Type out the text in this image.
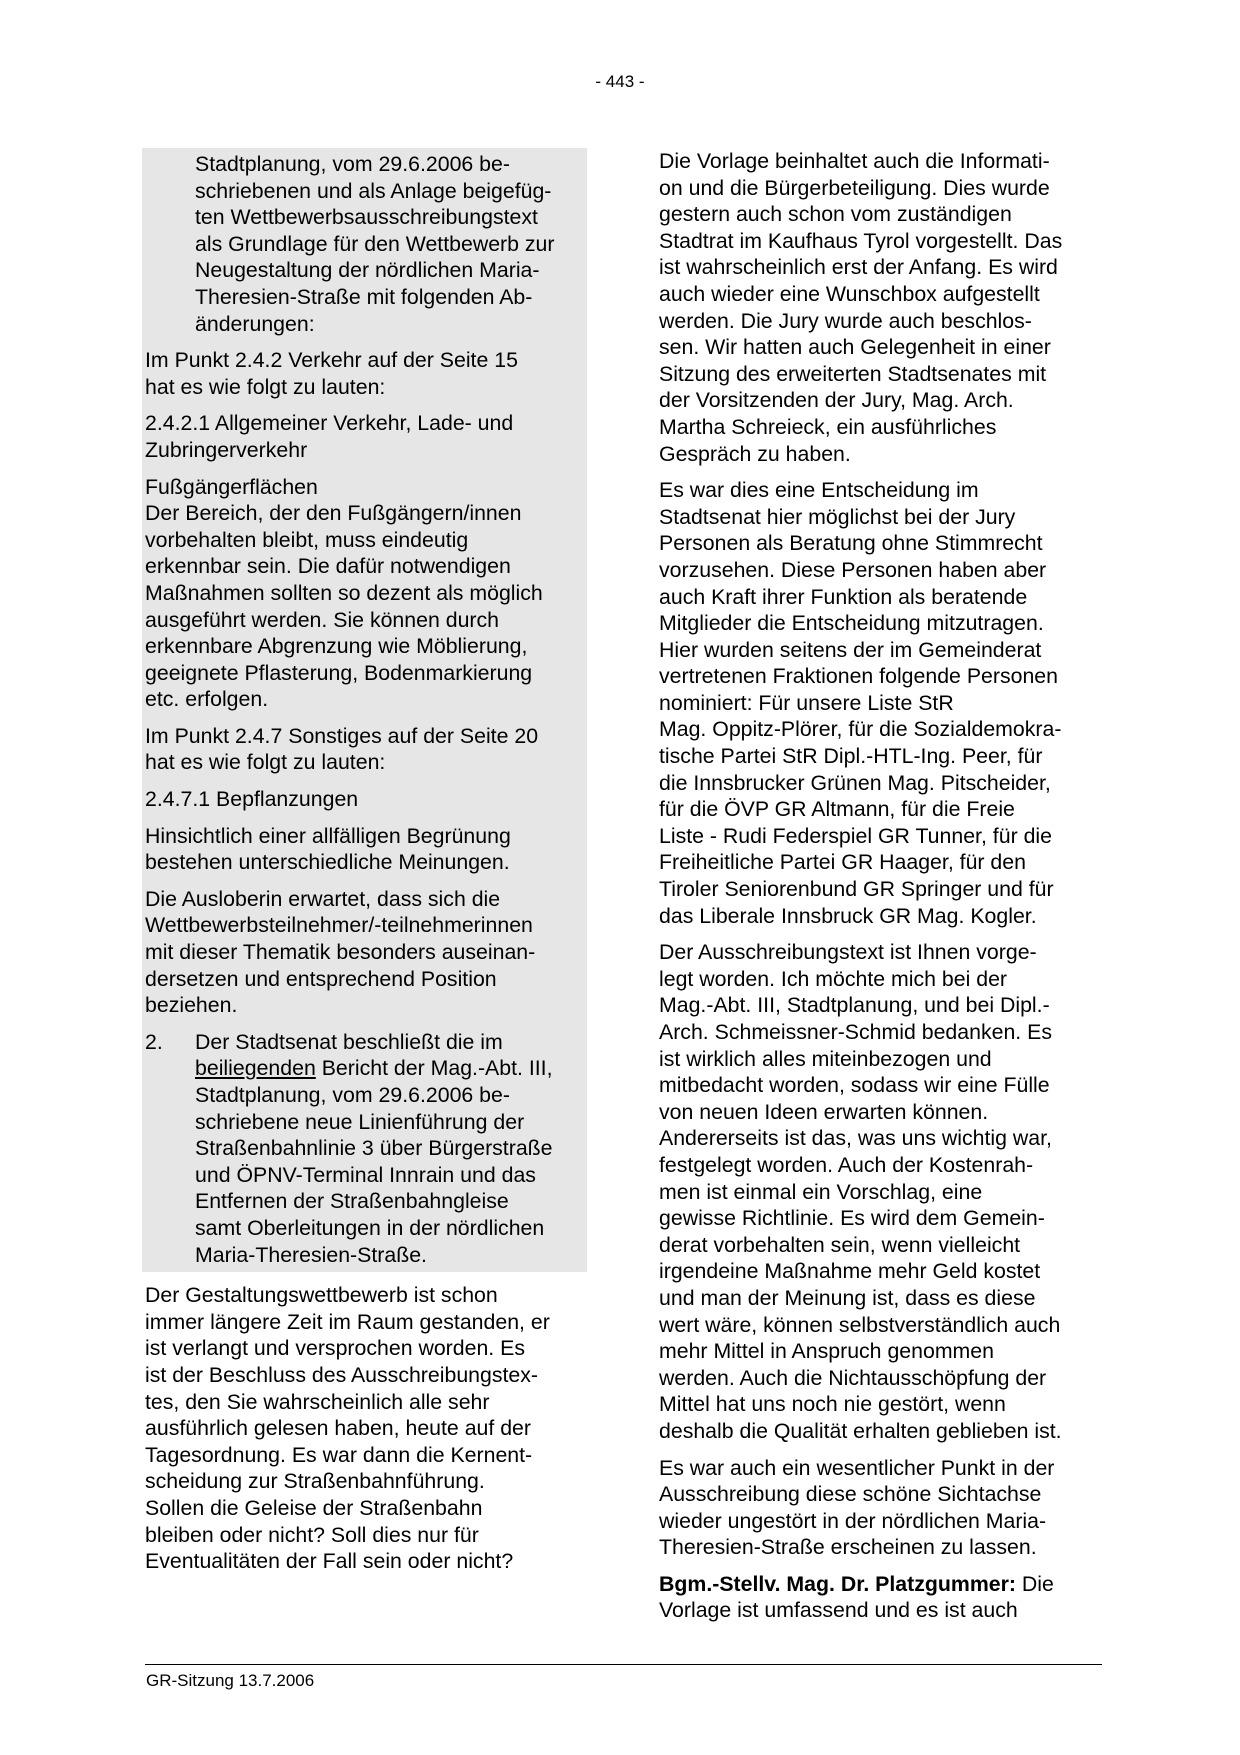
- 443 -

Stadtplanung, vom 29.6.2006 be-
schriebenen und als Anlage beigefüg-
ten Wettbewerbsausschreibungstext
als Grundlage für den Wettbewerb zur
Neugestaltung der nördlichen Maria-
Theresien-Straße mit folgenden Ab-
änderungen:

Im Punkt 2.4.2 Verkehr auf der Seite 15
hat es wie folgt zu lauten:

2.4.2.1 Allgemeiner Verkehr, Lade- und
Zubringerverkehr

Fußgängerflächen
Der Bereich, der den Fußgängern/innen
vorbehalten bleibt, muss eindeutig
erkennbar sein. Die dafür notwendigen
Maßnahmen sollten so dezent als möglich
ausgeführt werden. Sie können durch
erkennbare Abgrenzung wie Möblierung,
geeignete Pflasterung, Bodenmarkierung
etc. erfolgen.

Im Punkt 2.4.7 Sonstiges auf der Seite 20
hat es wie folgt zu lauten:

2.4.7.1 Bepflanzungen

Hinsichtlich einer allfälligen Begrünung
bestehen unterschiedliche Meinungen.

Die Ausloberin erwartet, dass sich die
Wettbewerbsteilnehmer/-teilnehmerinnen
mit dieser Thematik besonders auseinan-
dersetzen und entsprechend Position
beziehen.

2.	Der Stadtsenat beschließt die im
beiliegenden Bericht der Mag.-Abt. III,
Stadtplanung, vom 29.6.2006 be-
schriebene neue Linienführung der
Straßenbahnlinie 3 über Bürgerstraße
und ÖPNV-Terminal Innrain und das
Entfernen der Straßenbahngleise
samt Oberleitungen in der nördlichen
Maria-Theresien-Straße.

Der Gestaltungswettbewerb ist schon
immer längere Zeit im Raum gestanden, er
ist verlangt und versprochen worden. Es
ist der Beschluss des Ausschreibungstex-
tes, den Sie wahrscheinlich alle sehr
ausführlich gelesen haben, heute auf der
Tagesordnung. Es war dann die Kernent-
scheidung zur Straßenbahnführung.
Sollen die Geleise der Straßenbahn
bleiben oder nicht? Soll dies nur für
Eventualitäten der Fall sein oder nicht?

Die Vorlage beinhaltet auch die Informati-
on und die Bürgerbeteiligung. Dies wurde
gestern auch schon vom zuständigen
Stadtrat im Kaufhaus Tyrol vorgestellt. Das
ist wahrscheinlich erst der Anfang. Es wird
auch wieder eine Wunschbox aufgestellt
werden. Die Jury wurde auch beschlos-
sen. Wir hatten auch Gelegenheit in einer
Sitzung des erweiterten Stadtsenates mit
der Vorsitzenden der Jury, Mag. Arch.
Martha Schreieck, ein ausführliches
Gespräch zu haben.

Es war dies eine Entscheidung im
Stadtsenat hier möglichst bei der Jury
Personen als Beratung ohne Stimmrecht
vorzusehen. Diese Personen haben aber
auch Kraft ihrer Funktion als beratende
Mitglieder die Entscheidung mitzutragen.
Hier wurden seitens der im Gemeinderat
vertretenen Fraktionen folgende Personen
nominiert: Für unsere Liste StR
Mag. Oppitz-Plörer, für die Sozialdemokra-
tische Partei StR Dipl.-HTL-Ing. Peer, für
die Innsbrucker Grünen Mag. Pitscheider,
für die ÖVP GR Altmann, für die Freie
Liste - Rudi Federspiel GR Tunner, für die
Freiheitliche Partei GR Haager, für den
Tiroler Seniorenbund GR Springer und für
das Liberale Innsbruck GR Mag. Kogler.

Der Ausschreibungstext ist Ihnen vorge-
legt worden. Ich möchte mich bei der
Mag.-Abt. III, Stadtplanung, und bei Dipl.-
Arch. Schmeissner-Schmid bedanken. Es
ist wirklich alles miteinbezogen und
mitbedacht worden, sodass wir eine Fülle
von neuen Ideen erwarten können.
Andererseits ist das, was uns wichtig war,
festgelegt worden. Auch der Kostenrah-
men ist einmal ein Vorschlag, eine
gewisse Richtlinie. Es wird dem Gemein-
derat vorbehalten sein, wenn vielleicht
irgendeine Maßnahme mehr Geld kostet
und man der Meinung ist, dass es diese
wert wäre, können selbstverständlich auch
mehr Mittel in Anspruch genommen
werden. Auch die Nichtausschöpfung der
Mittel hat uns noch nie gestört, wenn
deshalb die Qualität erhalten geblieben ist.

Es war auch ein wesentlicher Punkt in der
Ausschreibung diese schöne Sichtachse
wieder ungestört in der nördlichen Maria-
Theresien-Straße erscheinen zu lassen.

Bgm.-Stellv. Mag. Dr. Platzgummer: Die
Vorlage ist umfassend und es ist auch

GR-Sitzung 13.7.2006
